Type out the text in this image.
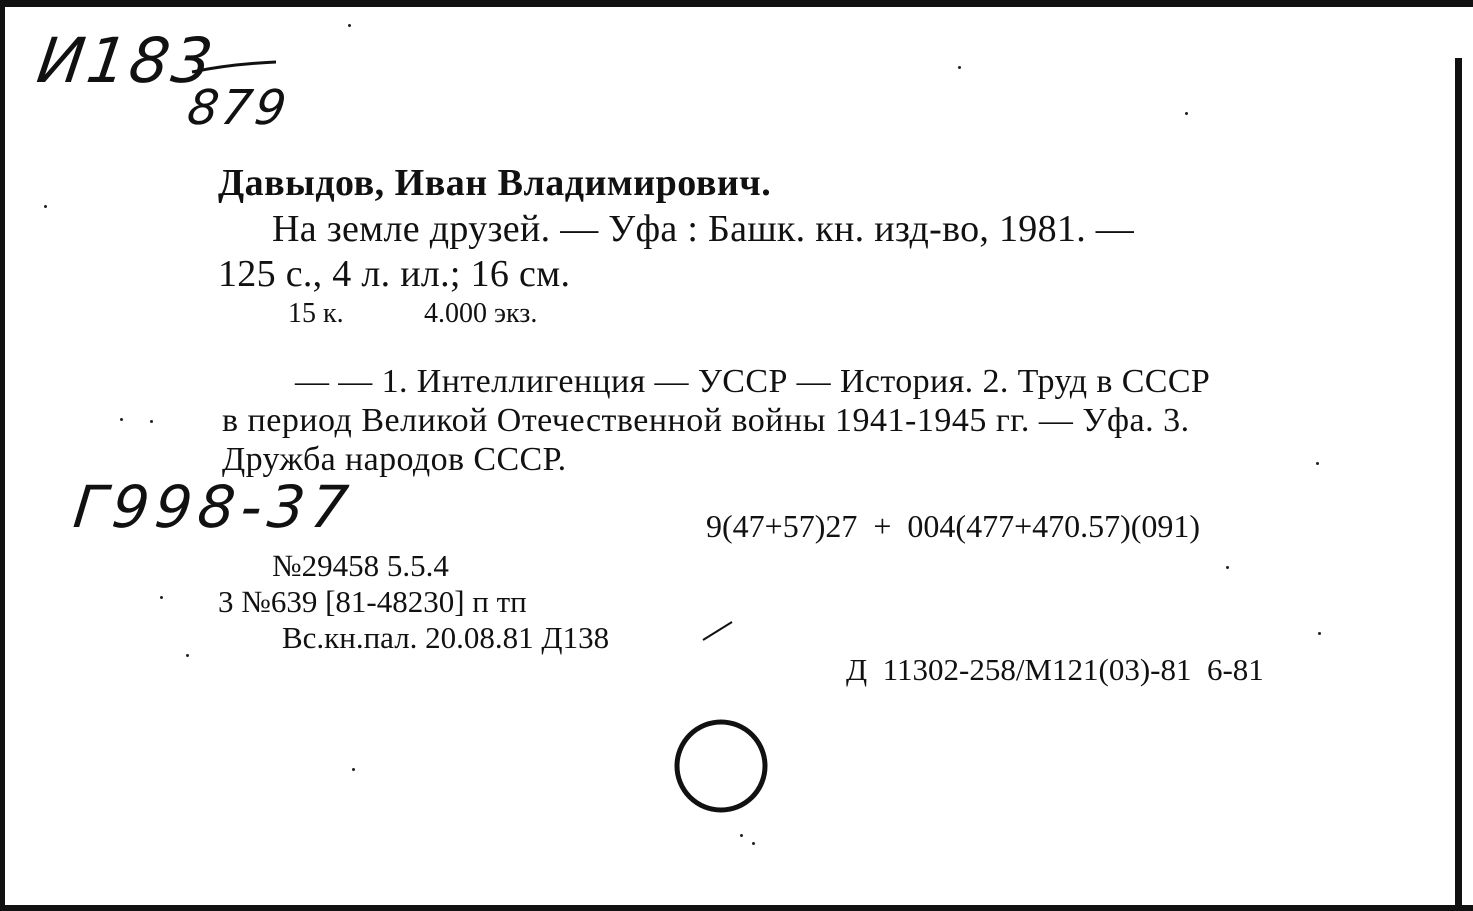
И183
879
Давыдов, Иван Владимирович.
На земле друзей. — Уфа : Башк. кн. изд-во, 1981. —
125 с., 4 л. ил.; 16 см.
15 к.	4.000 экз.
— — 1. Интеллигенция — УССР — История. 2. Труд в СССР
в период Великой Отечественной войны 1941-1945 гг. — Уфа. 3.
Дружба народов СССР.
Г998-37	9(47+57)27  +  004(477+470.57)(091)
№29458 5.5.4
3 №639 [81-48230] п тп
Вс.кн.пал. 20.08.81 Д138
Д  11302-258/М121(03)-81  6-81
